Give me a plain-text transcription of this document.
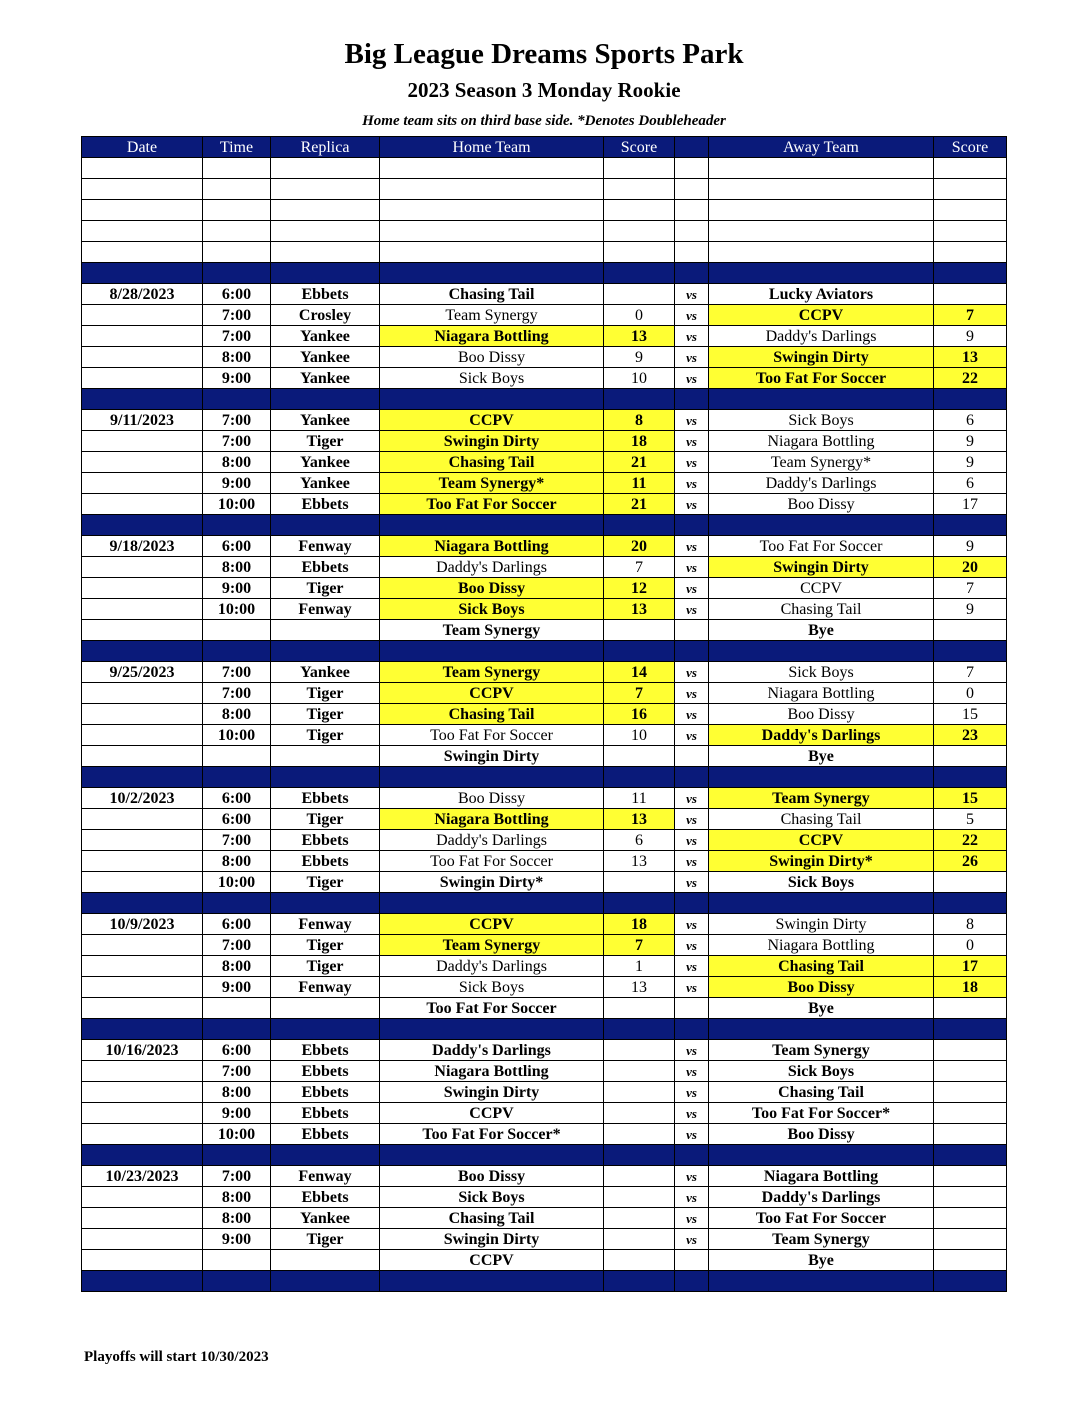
Big League Dreams Sports Park
2023 Season 3 Monday Rookie
Home team sits on third base side. *Denotes Doubleheader
Date	Time	Replica	Home Team	Score		Away Team	Score

8/28/2023	6:00	Ebbets	Chasing Tail		vs	Lucky Aviators	
	7:00	Crosley	Team Synergy	0	vs	CCPV	7
	7:00	Yankee	Niagara Bottling	13	vs	Daddy's Darlings	9
	8:00	Yankee	Boo Dissy	9	vs	Swingin Dirty	13
	9:00	Yankee	Sick Boys	10	vs	Too Fat For Soccer	22

9/11/2023	7:00	Yankee	CCPV	8	vs	Sick Boys	6
	7:00	Tiger	Swingin Dirty	18	vs	Niagara Bottling	9
	8:00	Yankee	Chasing Tail	21	vs	Team Synergy*	9
	9:00	Yankee	Team Synergy*	11	vs	Daddy's Darlings	6
	10:00	Ebbets	Too Fat For Soccer	21	vs	Boo Dissy	17

9/18/2023	6:00	Fenway	Niagara Bottling	20	vs	Too Fat For Soccer	9
	8:00	Ebbets	Daddy's Darlings	7	vs	Swingin Dirty	20
	9:00	Tiger	Boo Dissy	12	vs	CCPV	7
	10:00	Fenway	Sick Boys	13	vs	Chasing Tail	9
			Team Synergy			Bye	

9/25/2023	7:00	Yankee	Team Synergy	14	vs	Sick Boys	7
	7:00	Tiger	CCPV	7	vs	Niagara Bottling	0
	8:00	Tiger	Chasing Tail	16	vs	Boo Dissy	15
	10:00	Tiger	Too Fat For Soccer	10	vs	Daddy's Darlings	23
			Swingin Dirty			Bye	

10/2/2023	6:00	Ebbets	Boo Dissy	11	vs	Team Synergy	15
	6:00	Tiger	Niagara Bottling	13	vs	Chasing Tail	5
	7:00	Ebbets	Daddy's Darlings	6	vs	CCPV	22
	8:00	Ebbets	Too Fat For Soccer	13	vs	Swingin Dirty*	26
	10:00	Tiger	Swingin Dirty*		vs	Sick Boys	

10/9/2023	6:00	Fenway	CCPV	18	vs	Swingin Dirty	8
	7:00	Tiger	Team Synergy	7	vs	Niagara Bottling	0
	8:00	Tiger	Daddy's Darlings	1	vs	Chasing Tail	17
	9:00	Fenway	Sick Boys	13	vs	Boo Dissy	18
			Too Fat For Soccer			Bye	

10/16/2023	6:00	Ebbets	Daddy's Darlings		vs	Team Synergy	
	7:00	Ebbets	Niagara Bottling		vs	Sick Boys	
	8:00	Ebbets	Swingin Dirty		vs	Chasing Tail	
	9:00	Ebbets	CCPV		vs	Too Fat For Soccer*	
	10:00	Ebbets	Too Fat For Soccer*		vs	Boo Dissy	

10/23/2023	7:00	Fenway	Boo Dissy		vs	Niagara Bottling	
	8:00	Ebbets	Sick Boys		vs	Daddy's Darlings	
	8:00	Yankee	Chasing Tail		vs	Too Fat For Soccer	
	9:00	Tiger	Swingin Dirty		vs	Team Synergy	
			CCPV			Bye	

Playoffs will start 10/30/2023
